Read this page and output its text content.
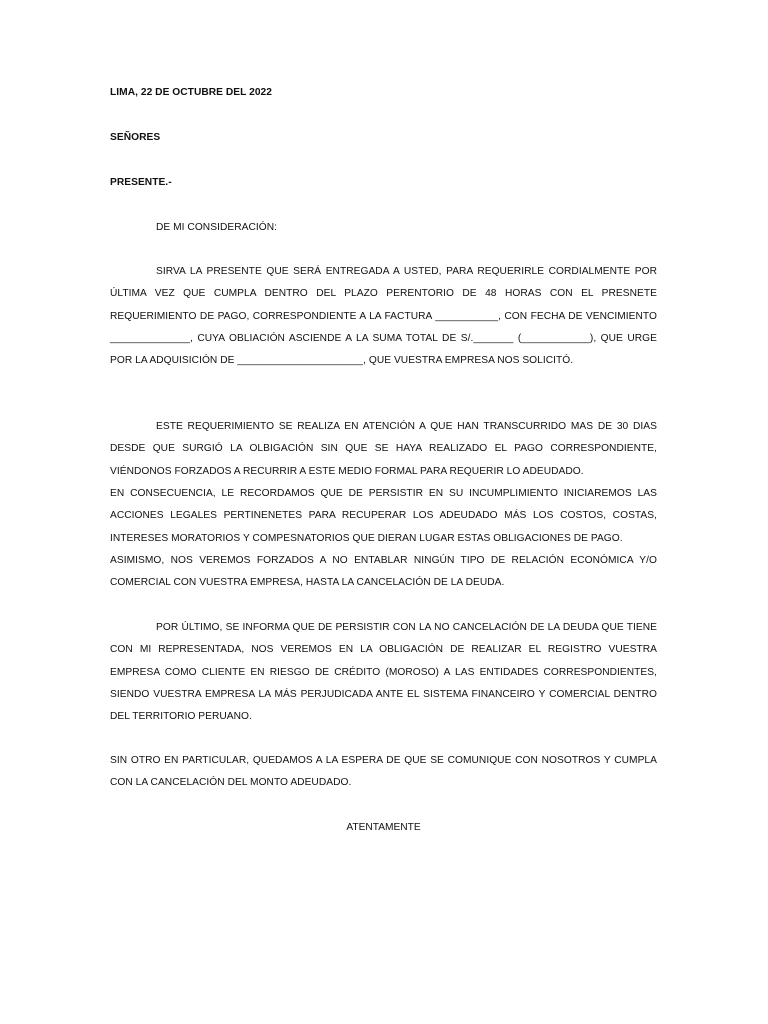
LIMA, 22 DE OCTUBRE DEL 2022
SEÑORES
PRESENTE.-
DE MI CONSIDERACIÓN:
SIRVA LA PRESENTE QUE SERÁ ENTREGADA A USTED, PARA REQUERIRLE CORDIALMENTE POR ÚLTIMA VEZ QUE CUMPLA DENTRO DEL PLAZO PERENTORIO DE 48 HORAS CON EL PRESNETE REQUERIMIENTO DE PAGO, CORRESPONDIENTE A LA FACTURA ___________, CON FECHA DE VENCIMIENTO ______________, CUYA OBLIACIÓN ASCIENDE A LA SUMA TOTAL DE S/._______ (____________), QUE URGE POR LA ADQUISICIÓN DE ______________________, QUE VUESTRA EMPRESA NOS SOLICITÓ.
ESTE REQUERIMIENTO SE REALIZA EN ATENCIÓN A QUE HAN TRANSCURRIDO MAS DE 30 DIAS DESDE QUE SURGIÓ LA OLBIGACIÓN SIN QUE SE HAYA REALIZADO EL PAGO CORRESPONDIENTE, VIÉNDONOS FORZADOS A RECURRIR A ESTE MEDIO FORMAL PARA REQUERIR LO ADEUDADO.
EN CONSECUENCIA, LE RECORDAMOS QUE DE PERSISTIR EN SU INCUMPLIMIENTO INICIAREMOS LAS ACCIONES LEGALES PERTINENETES PARA RECUPERAR LOS ADEUDADO MÁS LOS COSTOS, COSTAS, INTERESES MORATORIOS Y COMPESNATORIOS QUE DIERAN LUGAR ESTAS OBLIGACIONES DE PAGO.
ASIMISMO, NOS VEREMOS FORZADOS A NO ENTABLAR NINGÚN TIPO DE RELACIÓN ECONÓMICA Y/O COMERCIAL CON VUESTRA EMPRESA, HASTA LA CANCELACIÓN DE LA DEUDA.
POR ÚLTIMO, SE INFORMA QUE DE PERSISTIR CON LA NO CANCELACIÓN DE LA DEUDA QUE TIENE CON MI REPRESENTADA, NOS VEREMOS EN LA OBLIGACIÓN DE REALIZAR EL REGISTRO VUESTRA EMPRESA COMO CLIENTE EN RIESGO DE CRÉDITO (MOROSO) A LAS ENTIDADES CORRESPONDIENTES, SIENDO VUESTRA EMPRESA LA MÁS PERJUDICADA ANTE EL SISTEMA FINANCEIRO Y COMERCIAL DENTRO DEL TERRITORIO PERUANO.
SIN OTRO EN PARTICULAR, QUEDAMOS A LA ESPERA DE QUE SE COMUNIQUE CON NOSOTROS Y CUMPLA CON LA CANCELACIÓN DEL MONTO ADEUDADO.
ATENTAMENTE
